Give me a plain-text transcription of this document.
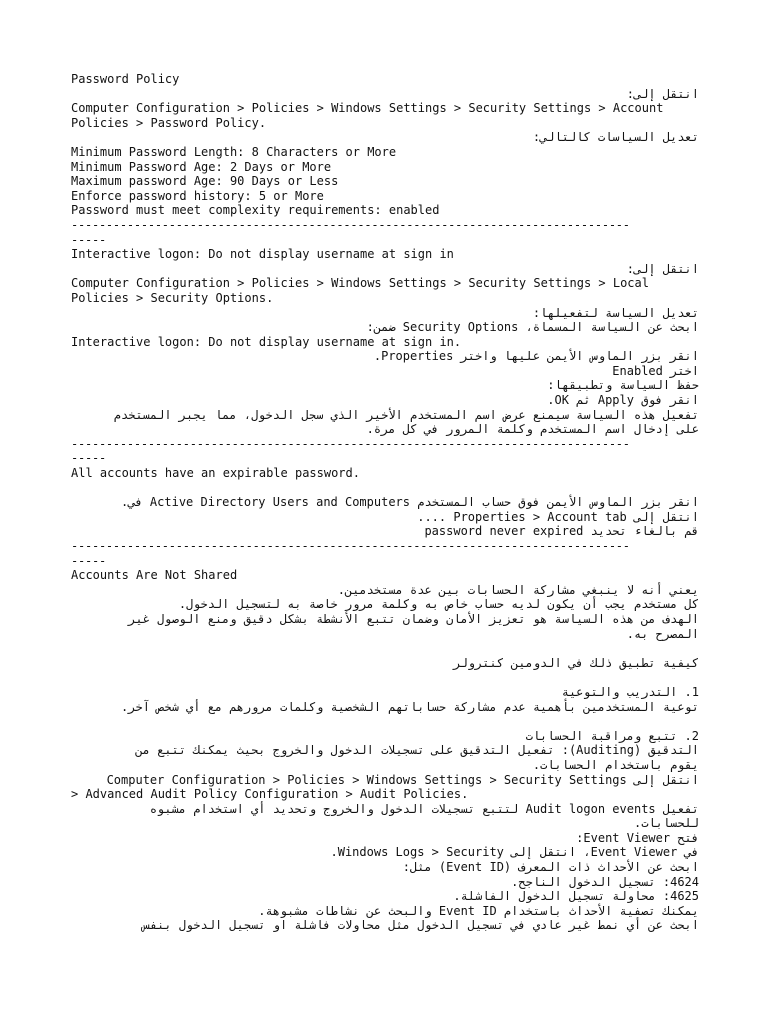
Password Policy
انتقل إلى:
Computer Configuration > Policies > Windows Settings > Security Settings > Account
Policies > Password Policy.
تعديل السياسات كالتالي:
Minimum Password Length: 8 Characters or More
Minimum Password Age: 2 Days or More
Maximum password Age: 90 Days or Less
Enforce password history: 5 or More
Password must meet complexity requirements: enabled
--------------------------------------------------------------------------------
-----
Interactive logon: Do not display username at sign in
انتقل إلى:
Computer Configuration > Policies > Windows Settings > Security Settings > Local
Policies > Security Options.
تعديل السياسة لتفعيلها:
ابحث عن السياسة المسماة، Security Options ضمن:
Interactive logon: Do not display username at sign in.
انقر بزر الماوس الأيمن عليها واختر Properties.
اختر Enabled
حفظ السياسة وتطبيقها:
انقر فوق Apply ثم OK.
تفعيل هذه السياسة سيمنع عرض اسم المستخدم الأخير الذي سجل الدخول، مما يجبر المستخدم
على إدخال اسم المستخدم وكلمة المرور في كل مرة.
--------------------------------------------------------------------------------
-----
All accounts have an expirable password.
انقر بزر الماوس الأيمن فوق حساب المستخدم Active Directory Users and Computers في.
انتقل إلى Properties > Account tab ....
قم بالغاء تحديد password never expired
--------------------------------------------------------------------------------
-----
Accounts Are Not Shared
يعني أنه لا ينبغي مشاركة الحسابات بين عدة مستخدمين.
كل مستخدم يجب أن يكون لديه حساب خاص به وكلمة مرور خاصة به لتسجيل الدخول.
الهدف من هذه السياسة هو تعزيز الأمان وضمان تتبع الأنشطة بشكل دقيق ومنع الوصول غير
المصرح به.
كيفية تطبيق ذلك في الدومين كنترولر
1. التدريب والتوعية
توعية المستخدمين بأهمية عدم مشاركة حساباتهم الشخصية وكلمات مرورهم مع أي شخص آخر.
2. تتبع ومراقبة الحسابات
التدقيق (Auditing): تفعيل التدقيق على تسجيلات الدخول والخروج بحيث يمكنك تتبع من
يقوم باستخدام الحسابات.
انتقل إلى Computer Configuration > Policies > Windows Settings > Security Settings
> Advanced Audit Policy Configuration > Audit Policies.
تفعيل Audit logon events لتتبع تسجيلات الدخول والخروج وتحديد أي استخدام مشبوه
للحسابات.
فتح Event Viewer:
في Event Viewer، انتقل إلى Windows Logs > Security.
ابحث عن الأحداث ذات المعرف (Event ID) مثل:
4624: تسجيل الدخول الناجح.
4625: محاولة تسجيل الدخول الفاشلة.
يمكنك تصفية الأحداث باستخدام Event ID والبحث عن نشاطات مشبوهة.
ابحث عن أي نمط غير عادي في تسجيل الدخول مثل محاولات فاشلة او تسجيل الدخول بنفس
